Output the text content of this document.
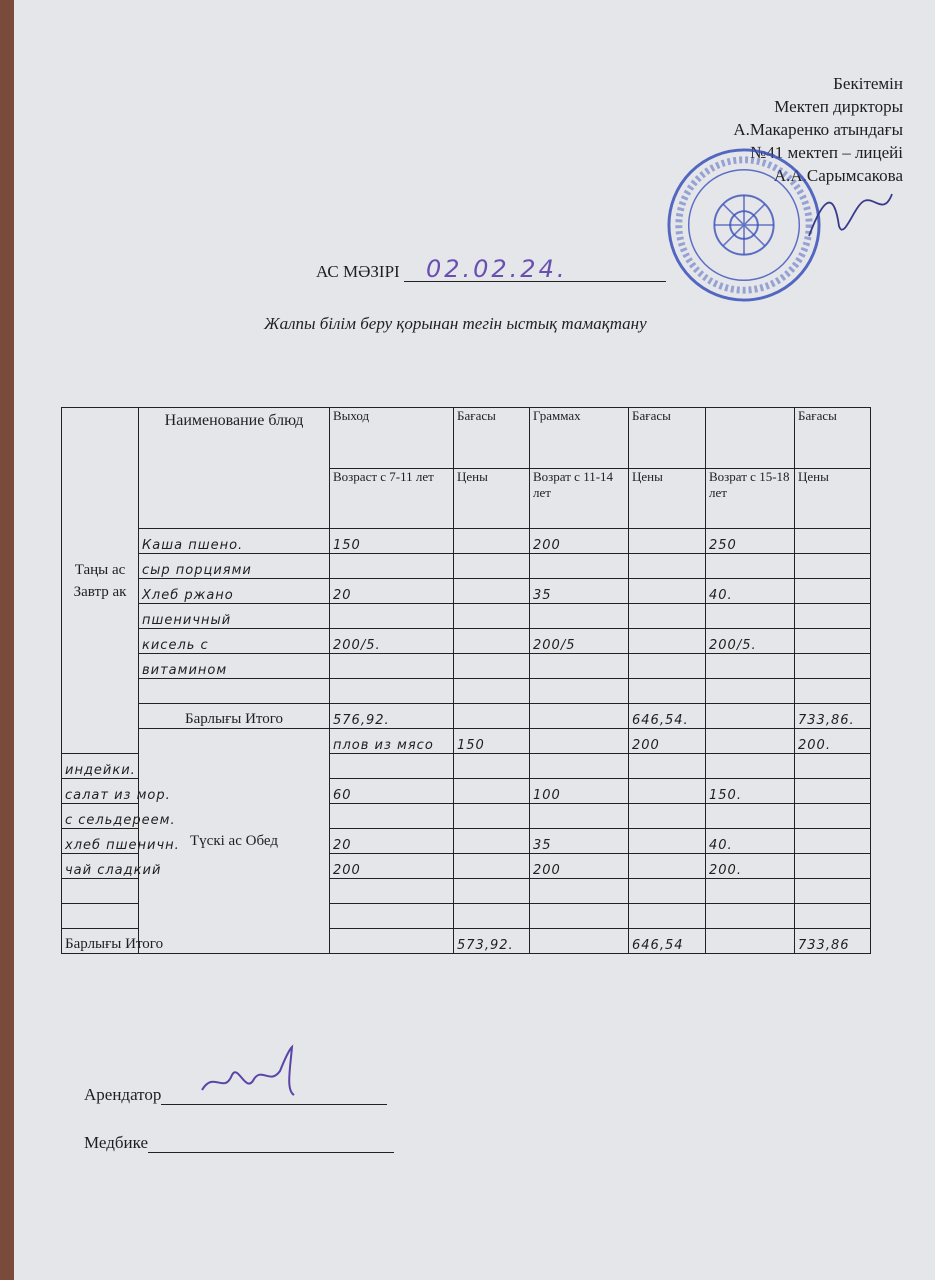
Бекітемін
Мектеп дирктоpы
А.Макаренко атындағы
№41 мектеп – лицейі
А.А.Сарымсакова
АС МӘЗІРІ 02.02.24.
Жалпы білім беру қорынан тегін ыстық тамақтану
Арендатор
Медбике
Таңы ас Завтр ак	Наименование блюд	Выход	Бағасы	Граммах	Бағасы		Бағасы	
		Возраст с 7-11 лет	Цены	Возрат с 11-14 лет	Цены	Возрат с 15-18 лет	Цены	
	Каша пшено.	150		200		250		
	сыр порциями							
	Хлеб ржано	20		35		40.		
	пшеничный							
	кисель с	200/5.		200/5		200/5.		
	витамином							

	Барлығы Итого	576,92.			646,54.		733,86.	
	Түскі ас Обед	плов из мясо	150		200		200.	
индейки.								
салат из мор.		60		100		150.		
с сельдереем.								
хлеб пшеничн.		20		35		40.		
чай сладкий		200		200		200.		

Барлығы Итого			573,92.		646,54		733,86	
